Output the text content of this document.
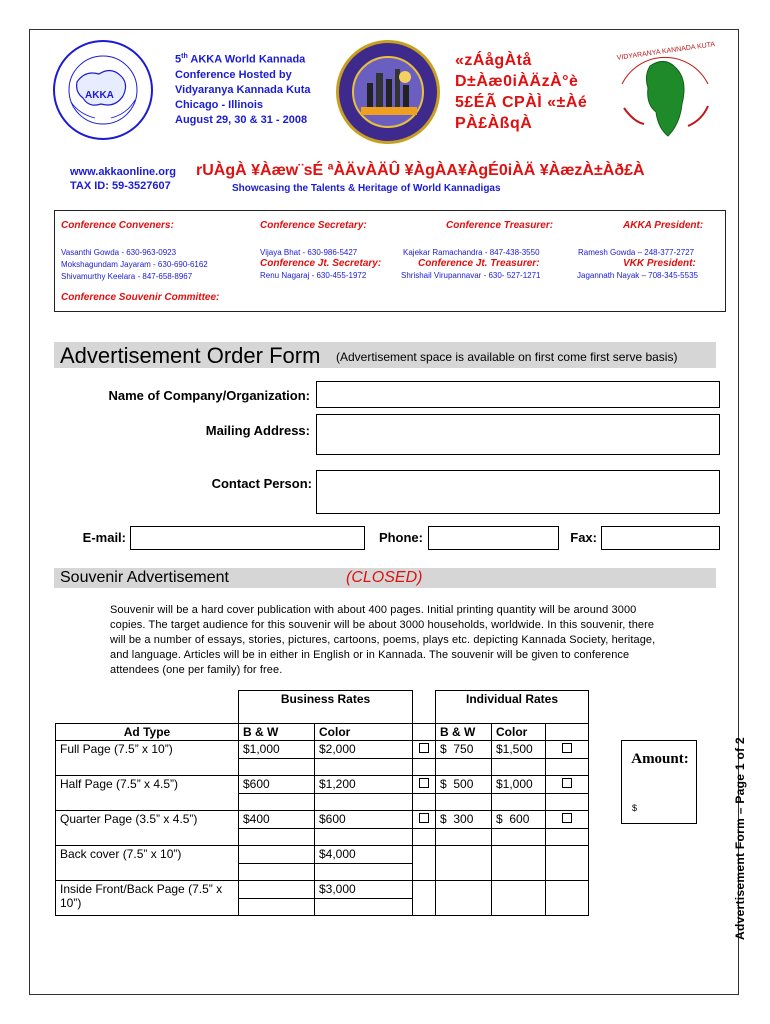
AKKA
VIDYARANYA KANNADA KUTA
5th AKKA World Kannada
Conference Hosted by
Vidyaranya Kannada Kuta
Chicago - Illinois
August 29, 30 & 31 - 2008
«zÁågÀtå
D±Àæ0iÀÄzÀ°è
5£ÉÃ CPÀÌ «±Àé
PÀ£ÀßqÀ
www.akkaonline.org
TAX ID: 59-3527607
rUÀgÀ ¥Àæw¨sÉ ªÀÄvÀÄÛ ¥ÀgÀA¥ÀgÉ0iÀÄ ¥ÀæzÀ±Àð£À
Showcasing the Talents & Heritage of World Kannadigas
Conference Conveners:
Vasanthi Gowda - 630-963-0923
Mokshagundam Jayaram - 630-690-6162
Shivamurthy Keelara - 847-658-8967
Conference Secretary:
Vijaya Bhat - 630-986-5427
Conference Jt. Secretary:
Renu Nagaraj - 630-455-1972
Conference Treasurer:
Kajekar Ramachandra - 847-438-3550
Conference Jt. Treasurer:
Shrishail Virupannavar - 630- 527-1271
AKKA President:
Ramesh Gowda – 248-377-2727
VKK President:
Jagannath Nayak – 708-345-5535
Conference Souvenir Committee:
Advertisement Order Form (Advertisement space is available on first come first serve basis)
Name of Company/Organization:
Mailing Address:
Contact Person:
E-mail:	Phone:	Fax:
Souvenir Advertisement	(CLOSED)
Souvenir will be a hard cover publication with about 400 pages. Initial printing quantity will be around 3000 copies. The target audience for this souvenir will be about 3000 households, worldwide. In this souvenir, there will be a number of essays, stories, pictures, cartoons, poems, plays etc. depicting Kannada Society, heritage, and language. Articles will be in either in English or in Kannada. The souvenir will be given to conference attendees (one per family) for free.
	Business Rates			Individual Rates		
Ad Type	B & W	Color		B & W	Color	
Full Page (7.5” x 10”)	$1,000	$2,000		$  750	$1,500	

Half Page (7.5” x 4.5”)	$600	$1,200		$  500	$1,000	

Quarter Page (3.5” x 4.5”)	$400	$600		$  300	$  600	

Back cover (7.5” x 10”)		$4,000				

Inside Front/Back Page (7.5” x 10”)		$3,000				

Amount:
$	Advertisement Form – Page 1 of 2
